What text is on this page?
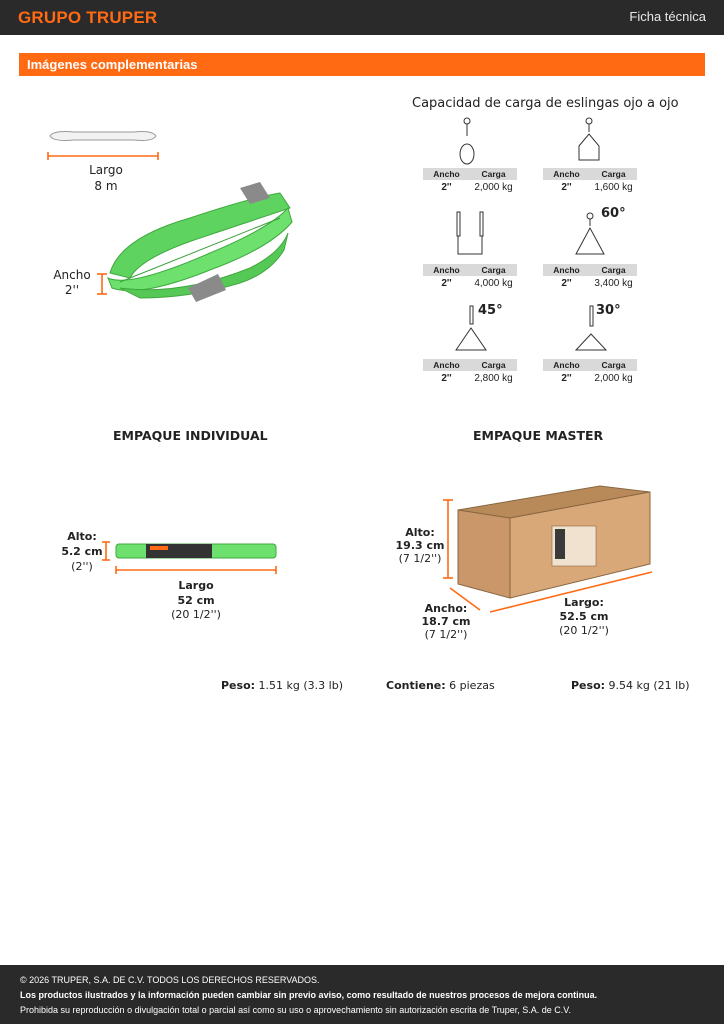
GRUPO TRUPER	Ficha técnica
Imágenes complementarias
Largo
8 m
Ancho
2''
Capacidad de carga de eslingas ojo a ojo
Ancho	Carga
2''	2,000 kg
Ancho	Carga
2''	1,600 kg
Ancho	Carga
2''	4,000 kg
60°
Ancho	Carga
2''	3,400 kg
45°
Ancho	Carga
2''	2,800 kg
30°
Ancho	Carga
2''	2,000 kg
EMPAQUE INDIVIDUAL	EMPAQUE MASTER
Alto:
5.2 cm
(2'')
Largo
52 cm
(20 1/2'')
Alto:
19.3 cm
(7 1/2'')
Ancho:
18.7 cm
(7 1/2'')
Largo:
52.5 cm
(20 1/2'')
Peso: 1.51 kg (3.3 lb)	Contiene: 6 piezas	Peso: 9.54 kg (21 lb)
© 2026 TRUPER, S.A. DE C.V. TODOS LOS DERECHOS RESERVADOS.
Los productos ilustrados y la información pueden cambiar sin previo aviso, como resultado de nuestros procesos de mejora continua.
Prohibida su reproducción o divulgación total o parcial así como su uso o aprovechamiento sin autorización escrita de Truper, S.A. de C.V.
